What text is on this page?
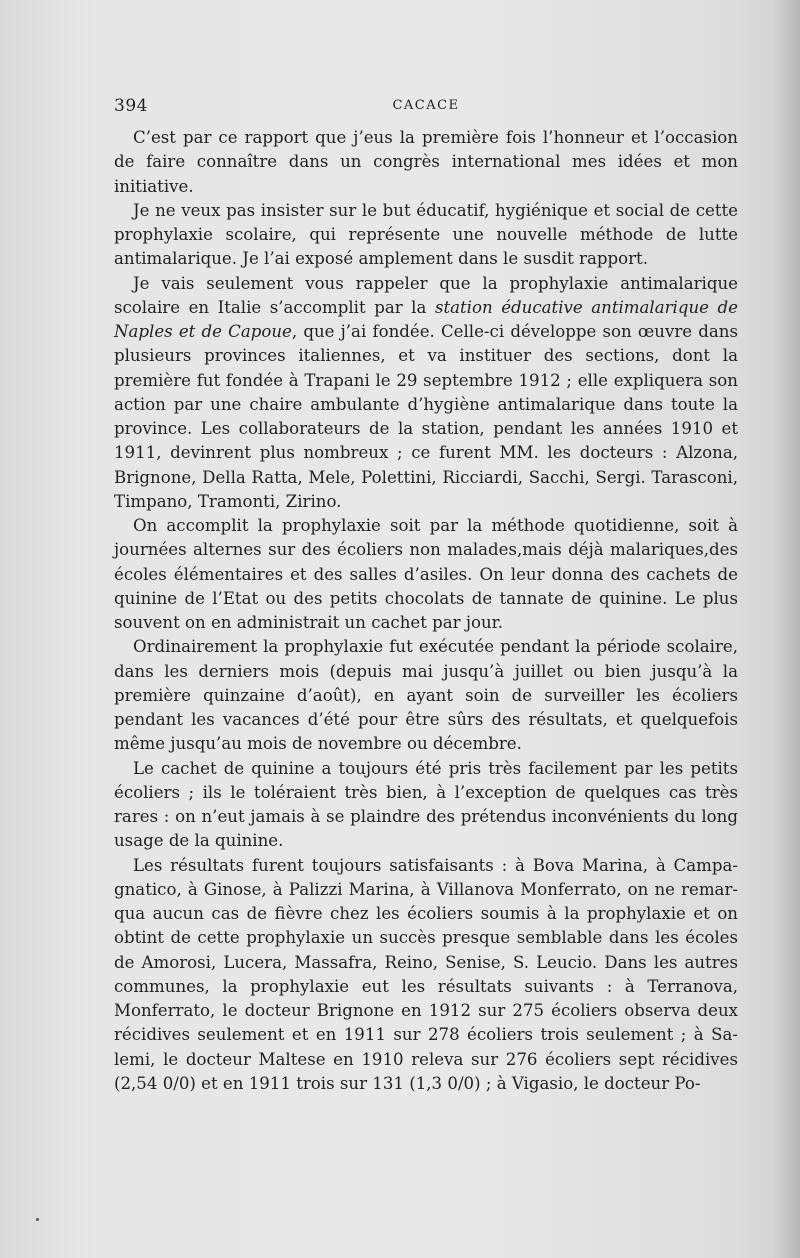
394	CACACE

C’est par ce rapport que j’eus la première fois l’honneur et l’occasion de faire connaître dans un congrès international mes idées et mon initiative.

Je ne veux pas insister sur le but éducatif, hygiénique et social de cette prophylaxie scolaire, qui représente une nouvelle méthode de lutte antimalarique. Je l’ai exposé amplement dans le susdit rapport.

Je vais seulement vous rappeler que la prophylaxie antimalarique scolaire en Italie s’accomplit par la station éducative antimalarique de Naples et de Capoue, que j’ai fondée. Celle-ci développe son œuvre dans plusieurs provinces italiennes, et va instituer des sections, dont la première fut fondée à Trapani le 29 septembre 1912 ; elle expliquera son action par une chaire ambulante d’hygiène antimalarique dans toute la province. Les collaborateurs de la station, pendant les années 1910 et 1911, devinrent plus nombreux ; ce furent MM. les docteurs : Alzona, Brignone, Della Ratta, Mele, Polettini, Ricciardi, Sacchi, Sergi. Tarasconi, Timpano, Tramonti, Zirino.

On accomplit la prophylaxie soit par la méthode quotidienne, soit à journées alternes sur des écoliers non malades,mais déjà malariques,des écoles élémentaires et des salles d’asiles. On leur donna des cachets de quinine de l’Etat ou des petits chocolats de tannate de quinine. Le plus souvent on en administrait un cachet par jour.

Ordinairement la prophylaxie fut exécutée pendant la période scolaire, dans les derniers mois (depuis mai jusqu’à juillet ou bien jusqu’à la première quinzaine d’août), en ayant soin de surveiller les écoliers pendant les vacances d’été pour être sûrs des résultats, et quelquefois même jusqu’au mois de novembre ou décembre.

Le cachet de quinine a toujours été pris très facilement par les petits écoliers ; ils le toléraient très bien, à l’exception de quelques cas très rares : on n’eut jamais à se plaindre des prétendus inconvénients du long usage de la quinine.

Les résultats furent toujours satisfaisants : à Bova Marina, à Campagnatico, à Ginose, à Palizzi Marina, à Villanova Monferrato, on ne remarqua aucun cas de fièvre chez les écoliers soumis à la prophylaxie et on obtint de cette prophylaxie un succès presque semblable dans les écoles de Amorosi, Lucera, Massafra, Reino, Senise, S. Leucio. Dans les autres communes, la prophylaxie eut les résultats suivants : à Terranova, Monferrato, le docteur Brignone en 1912 sur 275 écoliers observa deux récidives seulement et en 1911 sur 278 écoliers trois seulement ; à Salemi, le docteur Maltese en 1910 releva sur 276 écoliers sept récidives (2,54 0/0) et en 1911 trois sur 131 (1,3 0/0) ; à Vigasio, le docteur Po-
